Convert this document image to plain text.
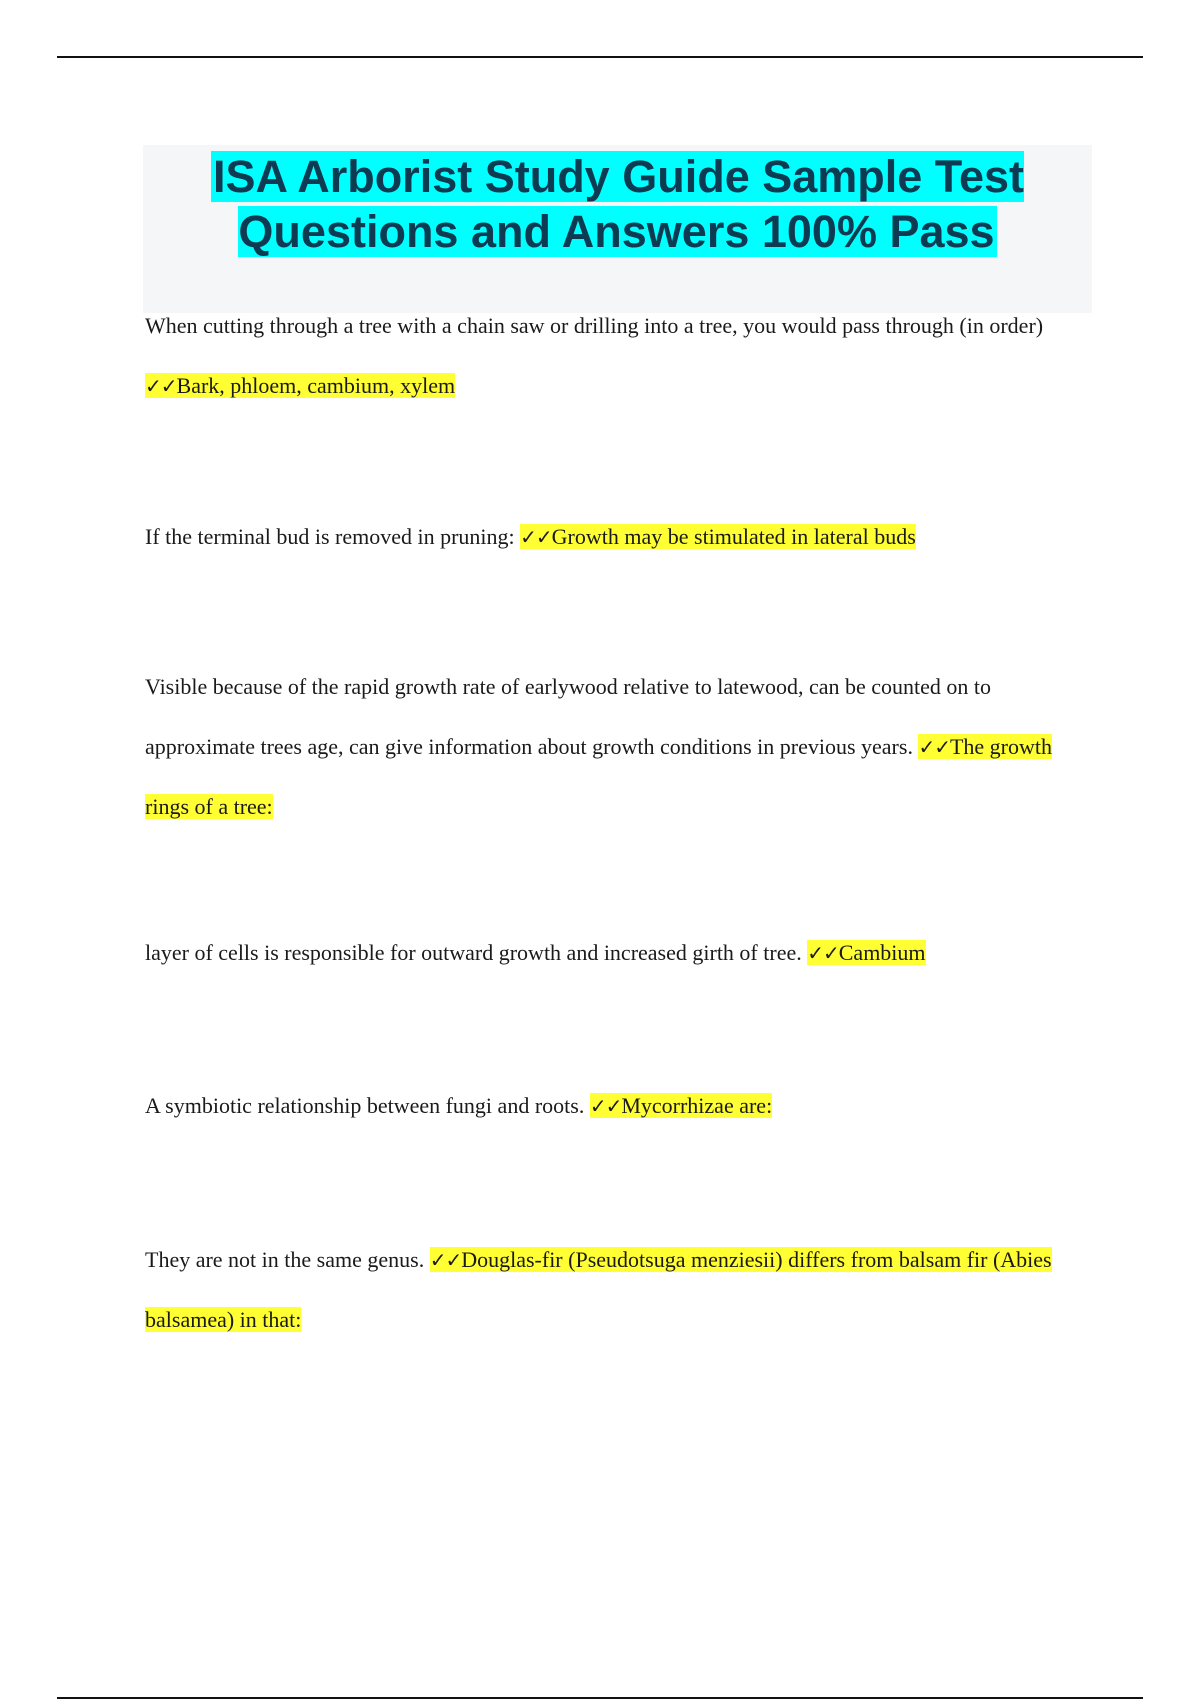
ISA Arborist Study Guide Sample Test Questions and Answers 100% Pass

When cutting through a tree with a chain saw or drilling into a tree, you would pass through (in order) ✓✓Bark, phloem, cambium, xylem

If the terminal bud is removed in pruning: ✓✓Growth may be stimulated in lateral buds

Visible because of the rapid growth rate of earlywood relative to latewood, can be counted on to approximate trees age, can give information about growth conditions in previous years. ✓✓The growth rings of a tree:

layer of cells is responsible for outward growth and increased girth of tree. ✓✓Cambium

A symbiotic relationship between fungi and roots. ✓✓Mycorrhizae are:

They are not in the same genus. ✓✓Douglas-fir (Pseudotsuga menziesii) differs from balsam fir (Abies balsamea) in that:
